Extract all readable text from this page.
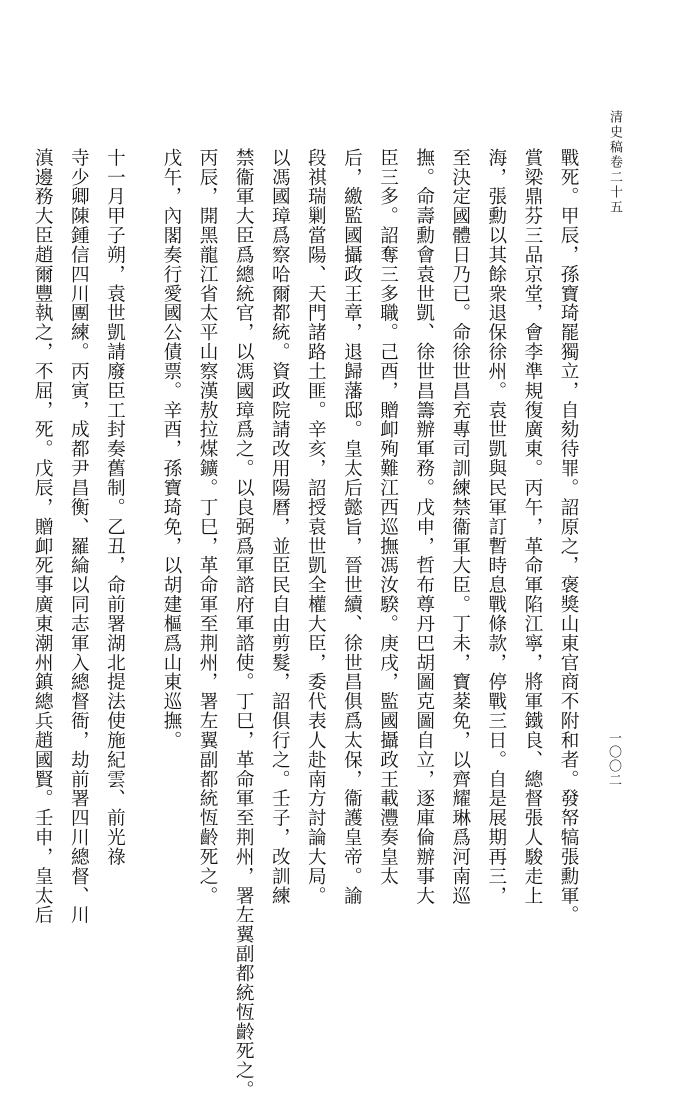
清史稿卷二十五
一〇〇二
戰死。甲辰，孫寶琦罷獨立，自劾待罪。詔原之，褒獎山東官商不附和者。發帑犒張勳軍。
賞梁鼎芬三品京堂，會李準規復廣東。丙午，革命軍陷江寧，將軍鐵良、總督張人駿走上
海，張勳以其餘衆退保徐州。袁世凱與民軍訂暫時息戰條款，停戰三日。自是展期再三，
至決定國體日乃已。命徐世昌充專司訓練禁衞軍大臣。丁未，寶棻免，以齊耀琳爲河南巡
撫。命壽勳會袁世凱、徐世昌籌辦軍務。戊申，哲布尊丹巴胡圖克圖自立，逐庫倫辦事大
臣三多。詔奪三多職。己酉，贈卹殉難江西巡撫馮汝騤。庚戌，監國攝政王載灃奏皇太
后，繳監國攝政王章，退歸藩邸。皇太后懿旨，晉世續、徐世昌俱爲太保，衞護皇帝。諭
段祺瑞剿當陽、天門諸路土匪。辛亥，詔授袁世凱全權大臣，委代表人赴南方討論大局。
以馮國璋爲察哈爾都統。資政院請改用陽曆，並臣民自由剪髮，詔俱行之。壬子，改訓練
禁衞軍大臣爲總統官，以馮國璋爲之。以良弼爲軍諮府軍諮使。丁巳，革命軍至荆州，署左翼副都統恆齡死之。
丙辰，開黑龍江省太平山察漢敖拉煤鑛。丁巳，革命軍至荆州，署左翼副都統恆齡死之。
戊午，內閣奏行愛國公債票。辛酉，孫寶琦免，以胡建樞爲山東巡撫。
十一月甲子朔，袁世凱請廢臣工封奏舊制。乙丑，命前署湖北提法使施紀雲、前光祿
寺少卿陳鍾信四川團練。丙寅，成都尹昌衡、羅綸以同志軍入總督衙，劫前署四川總督、川
滇邊務大臣趙爾豐執之，不屈，死。戊辰，贈卹死事廣東潮州鎮總兵趙國賢。壬申，皇太后
